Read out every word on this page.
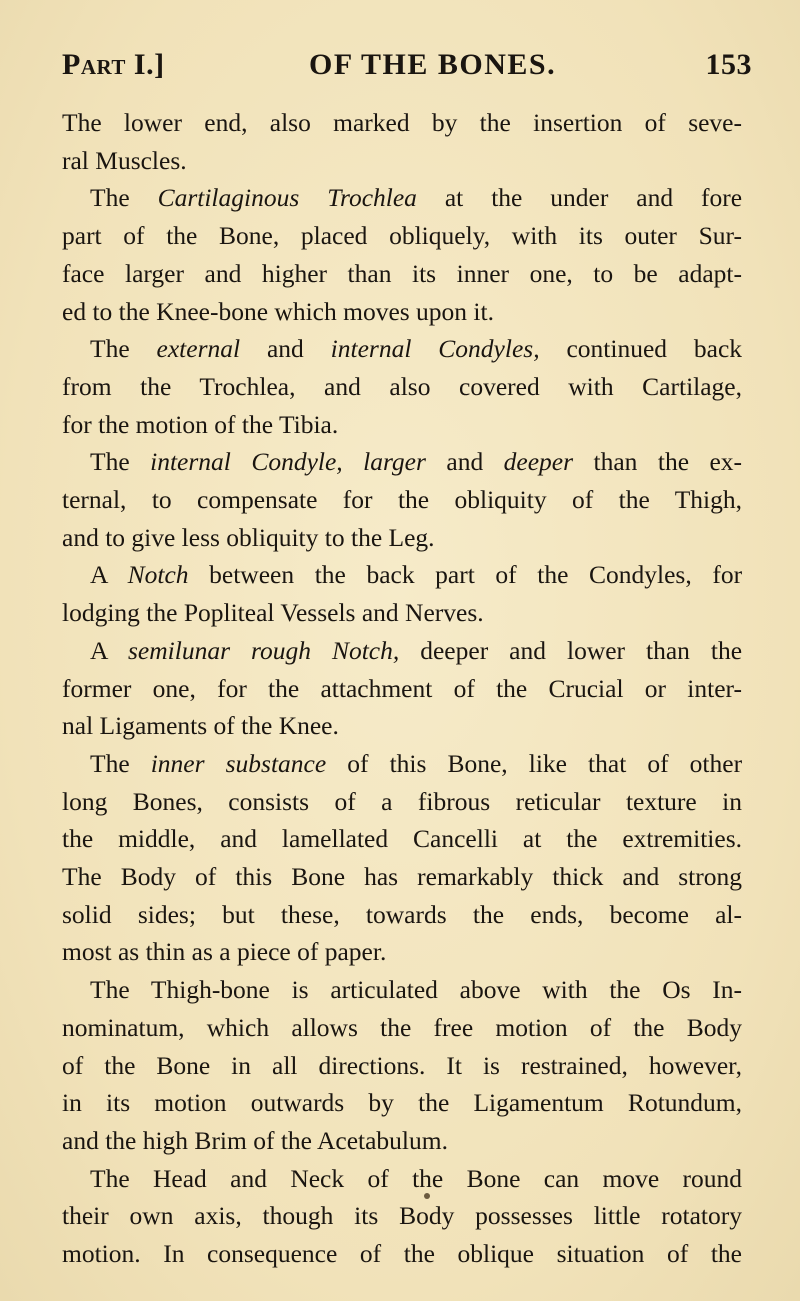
Part I.]	OF THE BONES.	153
The lower end, also marked by the insertion of seve-
ral Muscles.
The Cartilaginous Trochlea at the under and fore
part of the Bone, placed obliquely, with its outer Sur-
face larger and higher than its inner one, to be adapt-
ed to the Knee-bone which moves upon it.
The external and internal Condyles, continued back
from the Trochlea, and also covered with Cartilage,
for the motion of the Tibia.
The internal Condyle, larger and deeper than the ex-
ternal, to compensate for the obliquity of the Thigh,
and to give less obliquity to the Leg.
A Notch between the back part of the Condyles, for
lodging the Popliteal Vessels and Nerves.
A semilunar rough Notch, deeper and lower than the
former one, for the attachment of the Crucial or inter-
nal Ligaments of the Knee.
The inner substance of this Bone, like that of other
long Bones, consists of a fibrous reticular texture in
the middle, and lamellated Cancelli at the extremities.
The Body of this Bone has remarkably thick and strong
solid sides; but these, towards the ends, become al-
most as thin as a piece of paper.
The Thigh-bone is articulated above with the Os In-
nominatum, which allows the free motion of the Body
of the Bone in all directions. It is restrained, however,
in its motion outwards by the Ligamentum Rotundum,
and the high Brim of the Acetabulum.
The Head and Neck of the Bone can move round
their own axis, though its Body possesses little rotatory
motion. In consequence of the oblique situation of the
